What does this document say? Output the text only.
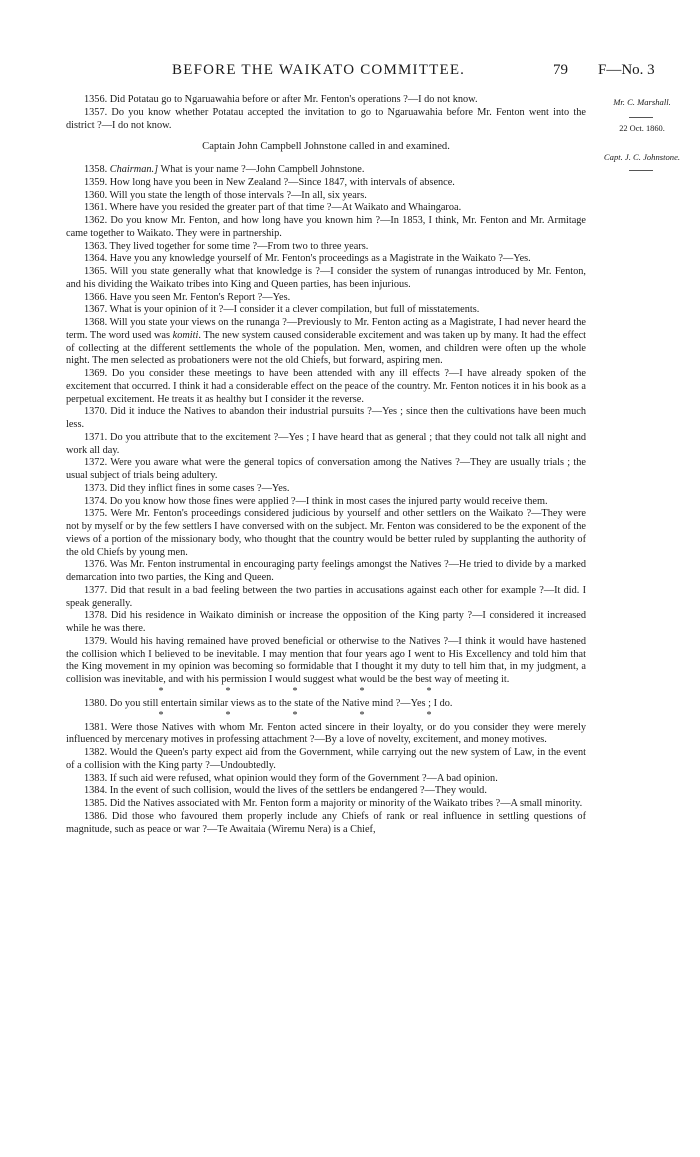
BEFORE THE WAIKATO COMMITTEE.	79 F—No. 3
Mr. C. Marshall.
22 Oct. 1860.
Capt. J. C. Johnstone.

1356. Did Potatau go to Ngaruawahia before or after Mr. Fenton's operations ?—I do not know.

1357. Do you know whether Potatau accepted the invitation to go to Ngaruawahia before Mr. Fenton went into the district ?—I do not know.

Captain John Campbell Johnstone called in and examined.

1358. Chairman.] What is your name ?—John Campbell Johnstone.

1359. How long have you been in New Zealand ?—Since 1847, with intervals of absence.

1360. Will you state the length of those intervals ?—In all, six years.

1361. Where have you resided the greater part of that time ?—At Waikato and Whaingaroa.

1362. Do you know Mr. Fenton, and how long have you known him ?—In 1853, I think, Mr. Fenton and Mr. Armitage came together to Waikato. They were in partnership.

1363. They lived together for some time ?—From two to three years.

1364. Have you any knowledge yourself of Mr. Fenton's proceedings as a Magistrate in the Waikato ?—Yes.

1365. Will you state generally what that knowledge is ?—I consider the system of runangas introduced by Mr. Fenton, and his dividing the Waikato tribes into King and Queen parties, has been injurious.

1366. Have you seen Mr. Fenton's Report ?—Yes.

1367. What is your opinion of it ?—I consider it a clever compilation, but full of misstatements.

1368. Will you state your views on the runanga ?—Previously to Mr. Fenton acting as a Magistrate, I had never heard the term. The word used was komiti. The new system caused considerable excitement and was taken up by many. It had the effect of collecting at the different settlements the whole of the population. Men, women, and children were often up the whole night. The men selected as probationers were not the old Chiefs, but forward, aspiring men.

1369. Do you consider these meetings to have been attended with any ill effects ?—I have already spoken of the excitement that occurred. I think it had a considerable effect on the peace of the country. Mr. Fenton notices it in his book as a perpetual excitement. He treats it as healthy but I consider it the reverse.

1370. Did it induce the Natives to abandon their industrial pursuits ?—Yes ; since then the cultivations have been much less.

1371. Do you attribute that to the excitement ?—Yes ; I have heard that as general ; that they could not talk all night and work all day.

1372. Were you aware what were the general topics of conversation among the Natives ?—They are usually trials ; the usual subject of trials being adultery.

1373. Did they inflict fines in some cases ?—Yes.

1374. Do you know how those fines were applied ?—I think in most cases the injured party would receive them.

1375. Were Mr. Fenton's proceedings considered judicious by yourself and other settlers on the Waikato ?—They were not by myself or by the few settlers I have conversed with on the subject. Mr. Fenton was considered to be the exponent of the views of a portion of the missionary body, who thought that the country would be better ruled by supplanting the authority of the old Chiefs by young men.

1376. Was Mr. Fenton instrumental in encouraging party feelings amongst the Natives ?—He tried to divide by a marked demarcation into two parties, the King and Queen.

1377. Did that result in a bad feeling between the two parties in accusations against each other for example ?—It did. I speak generally.

1378. Did his residence in Waikato diminish or increase the opposition of the King party ?—I considered it increased while he was there.

1379. Would his having remained have proved beneficial or otherwise to the Natives ?—I think it would have hastened the collision which I believed to be inevitable. I may mention that four years ago I went to His Excellency and told him that the King movement in my opinion was becoming so formidable that I thought it my duty to tell him that, in my judgment, a collision was inevitable, and with his permission I would suggest what would be the best way of meeting it.

*****

1380. Do you still entertain similar views as to the state of the Native mind ?—Yes ; I do.

*****

1381. Were those Natives with whom Mr. Fenton acted sincere in their loyalty, or do you consider they were merely influenced by mercenary motives in professing attachment ?—By a love of novelty, excitement, and money motives.

1382. Would the Queen's party expect aid from the Government, while carrying out the new system of Law, in the event of a collision with the King party ?—Undoubtedly.

1383. If such aid were refused, what opinion would they form of the Government ?—A bad opinion.

1384. In the event of such collision, would the lives of the settlers be endangered ?—They would.

1385. Did the Natives associated with Mr. Fenton form a majority or minority of the Waikato tribes ?—A small minority.

1386. Did those who favoured them properly include any Chiefs of rank or real influence in settling questions of magnitude, such as peace or war ?—Te Awaitaia (Wiremu Nera) is a Chief,
